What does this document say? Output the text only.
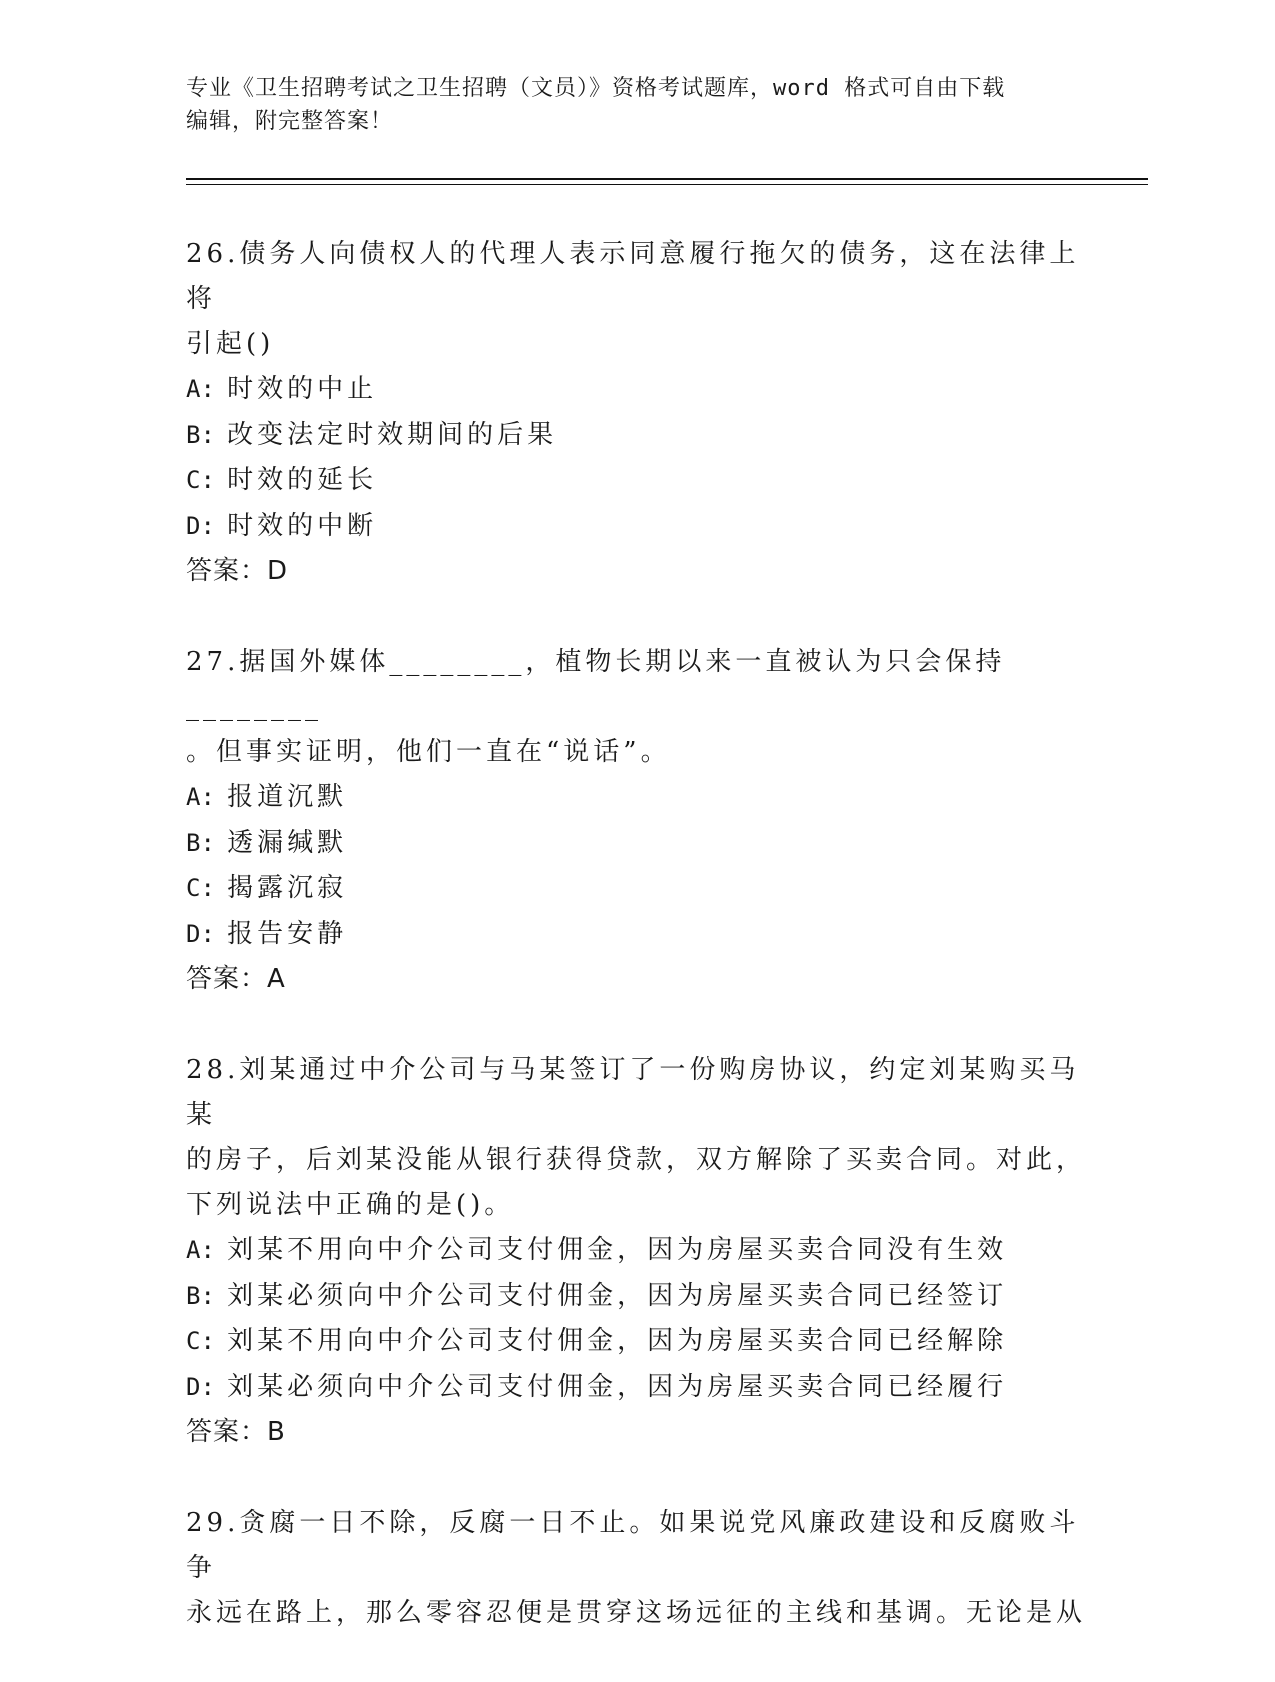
专业《卫生招聘考试之卫生招聘（文员）》资格考试题库，word 格式可自由下载
编辑，附完整答案！
26.债务人向债权人的代理人表示同意履行拖欠的债务，这在法律上将
引起()
A: 时效的中止
B: 改变法定时效期间的后果
C: 时效的延长
D: 时效的中断
答案：D
27.据国外媒体________，植物长期以来一直被认为只会保持________
。但事实证明，他们一直在“说话”。
A: 报道沉默
B: 透漏缄默
C: 揭露沉寂
D: 报告安静
答案：A
28.刘某通过中介公司与马某签订了一份购房协议，约定刘某购买马某
的房子，后刘某没能从银行获得贷款，双方解除了买卖合同。对此，
下列说法中正确的是()。
A: 刘某不用向中介公司支付佣金，因为房屋买卖合同没有生效
B: 刘某必须向中介公司支付佣金，因为房屋买卖合同已经签订
C: 刘某不用向中介公司支付佣金，因为房屋买卖合同已经解除
D: 刘某必须向中介公司支付佣金，因为房屋买卖合同已经履行
答案：B
29.贪腐一日不除，反腐一日不止。如果说党风廉政建设和反腐败斗争
永远在路上，那么零容忍便是贯穿这场远征的主线和基调。无论是从
